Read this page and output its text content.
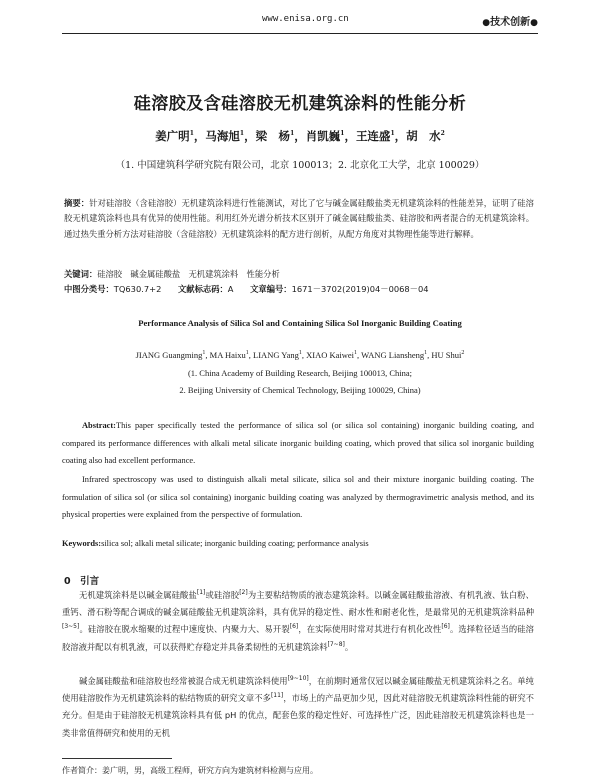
www.enisa.org.cn	●技术创新●
硅溶胶及含硅溶胶无机建筑涂料的性能分析
姜广明$^1$，马海旭$^1$，梁　杨$^1$，肖凯巍$^1$，王连盛$^1$，胡　水$^2$
（1. 中国建筑科学研究院有限公司，北京 100013；2. 北京化工大学，北京 100029）
摘要：针对硅溶胶（含硅溶胶）无机建筑涂料进行性能测试，对比了它与碱金属硅酸盐类无机建筑涂料的性能差异，证明了硅溶胶无机建筑涂料也具有优异的使用性能。利用红外光谱分析技术区别开了碱金属硅酸盐类、硅溶胶和两者混合的无机建筑涂料。通过热失重分析方法对硅溶胶（含硅溶胶）无机建筑涂料的配方进行剖析，从配方角度对其物理性能等进行解释。
关键词：硅溶胶　碱金属硅酸盐　无机建筑涂料　性能分析
中图分类号：TQ630.7+2　　 文献标志码：A　　 文章编号：1671－3702(2019)04－0068－04
Performance Analysis of Silica Sol and Containing Silica Sol Inorganic Building Coating
JIANG Guangming$^1$, MA Haixu$^1$, LIANG Yang$^1$, XIAO Kaiwei$^1$, WANG Liansheng$^1$, HU Shui$^2$
(1. China Academy of Building Research, Beijing 100013, China;
2. Beijing University of Chemical Technology, Beijing 100029, China)
Abstract:This paper specifically tested the performance of silica sol (or silica sol containing) inorganic building coating, and compared its performance differences with alkali metal silicate inorganic building coating, which proved that silica sol inorganic building coating also had excellent performance.
Infrared spectroscopy was used to distinguish alkali metal silicate, silica sol and their mixture inorganic building coating. The formulation of silica sol (or silica sol containing) inorganic building coating was analyzed by thermogravimetric analysis method, and its physical properties were explained from the perspective of formulation.
Keywords:silica sol; alkali metal silicate; inorganic building coating; performance analysis
0　 引言
无机建筑涂料是以碱金属硅酸盐[1]或硅溶胶[2]为主要粘结物质的液态建筑涂料。以碱金属硅酸盐溶液、有机乳液、钛白粉、重钙、滑石粉等配合调成的碱金属硅酸盐无机建筑涂料，具有优异的稳定性、耐水性和耐老化性，是最常见的无机建筑涂料品种[3~5]。硅溶胶在脱水缩聚的过程中速度快、内聚力大、易开裂[6]，在实际使用时常对其进行有机化改性[6]。选择粒径适当的硅溶胶溶液并配以有机乳液，可以获得贮存稳定并具备柔韧性的无机建筑涂料[7~8]。
碱金属硅酸盐和硅溶胶也经常被混合成无机建筑涂料使用[9~10]，在前期时通常仅冠以碱金属硅酸盐无机建筑涂料之名。单纯使用硅溶胶作为无机建筑涂料的粘结物质的研究文章不多[11]，市场上的产品更加少见，因此对硅溶胶无机建筑涂料性能的研究不充分。但是由于硅溶胶无机建筑涂料具有低 pH 的优点，配套色浆的稳定性好、可选择性广泛，因此硅溶胶无机建筑涂料也是一类非常值得研究和使用的无机
作者简介：姜广明，男，高级工程师，研究方向为建筑材料检测与应用。
